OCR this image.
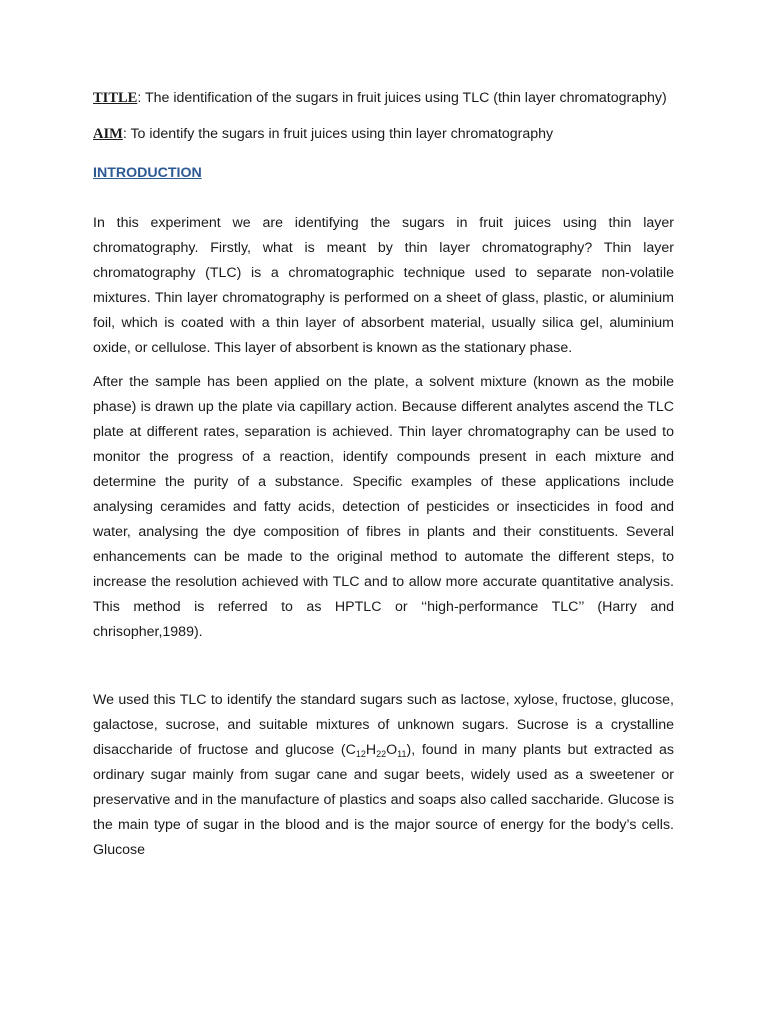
TITLE: The identification of the sugars in fruit juices using TLC (thin layer chromatography)

AIM: To identify the sugars in fruit juices using thin layer chromatography

INTRODUCTION

In this experiment we are identifying the sugars in fruit juices using thin layer chromatography. Firstly, what is meant by thin layer chromatography? Thin layer chromatography (TLC) is a chromatographic technique used to separate non-volatile mixtures. Thin layer chromatography is performed on a sheet of glass, plastic, or aluminium foil, which is coated with a thin layer of absorbent material, usually silica gel, aluminium oxide, or cellulose. This layer of absorbent is known as the stationary phase.

After the sample has been applied on the plate, a solvent mixture (known as the mobile phase) is drawn up the plate via capillary action. Because different analytes ascend the TLC plate at different rates, separation is achieved. Thin layer chromatography can be used to monitor the progress of a reaction, identify compounds present in each mixture and determine the purity of a substance. Specific examples of these applications include analysing ceramides and fatty acids, detection of pesticides or insecticides in food and water, analysing the dye composition of fibres in plants and their constituents. Several enhancements can be made to the original method to automate the different steps, to increase the resolution achieved with TLC and to allow more accurate quantitative analysis. This method is referred to as HPTLC or ‘‘high-performance TLC’’ (Harry and chrisopher,1989).

We used this TLC to identify the standard sugars such as lactose, xylose, fructose, glucose, galactose, sucrose, and suitable mixtures of unknown sugars. Sucrose is a crystalline disaccharide of fructose and glucose $(C_{12}H_{22}O_{11})$, found in many plants but extracted as ordinary sugar mainly from sugar cane and sugar beets, widely used as a sweetener or preservative and in the manufacture of plastics and soaps also called saccharide. Glucose is the main type of sugar in the blood and is the major source of energy for the body’s cells. Glucose
